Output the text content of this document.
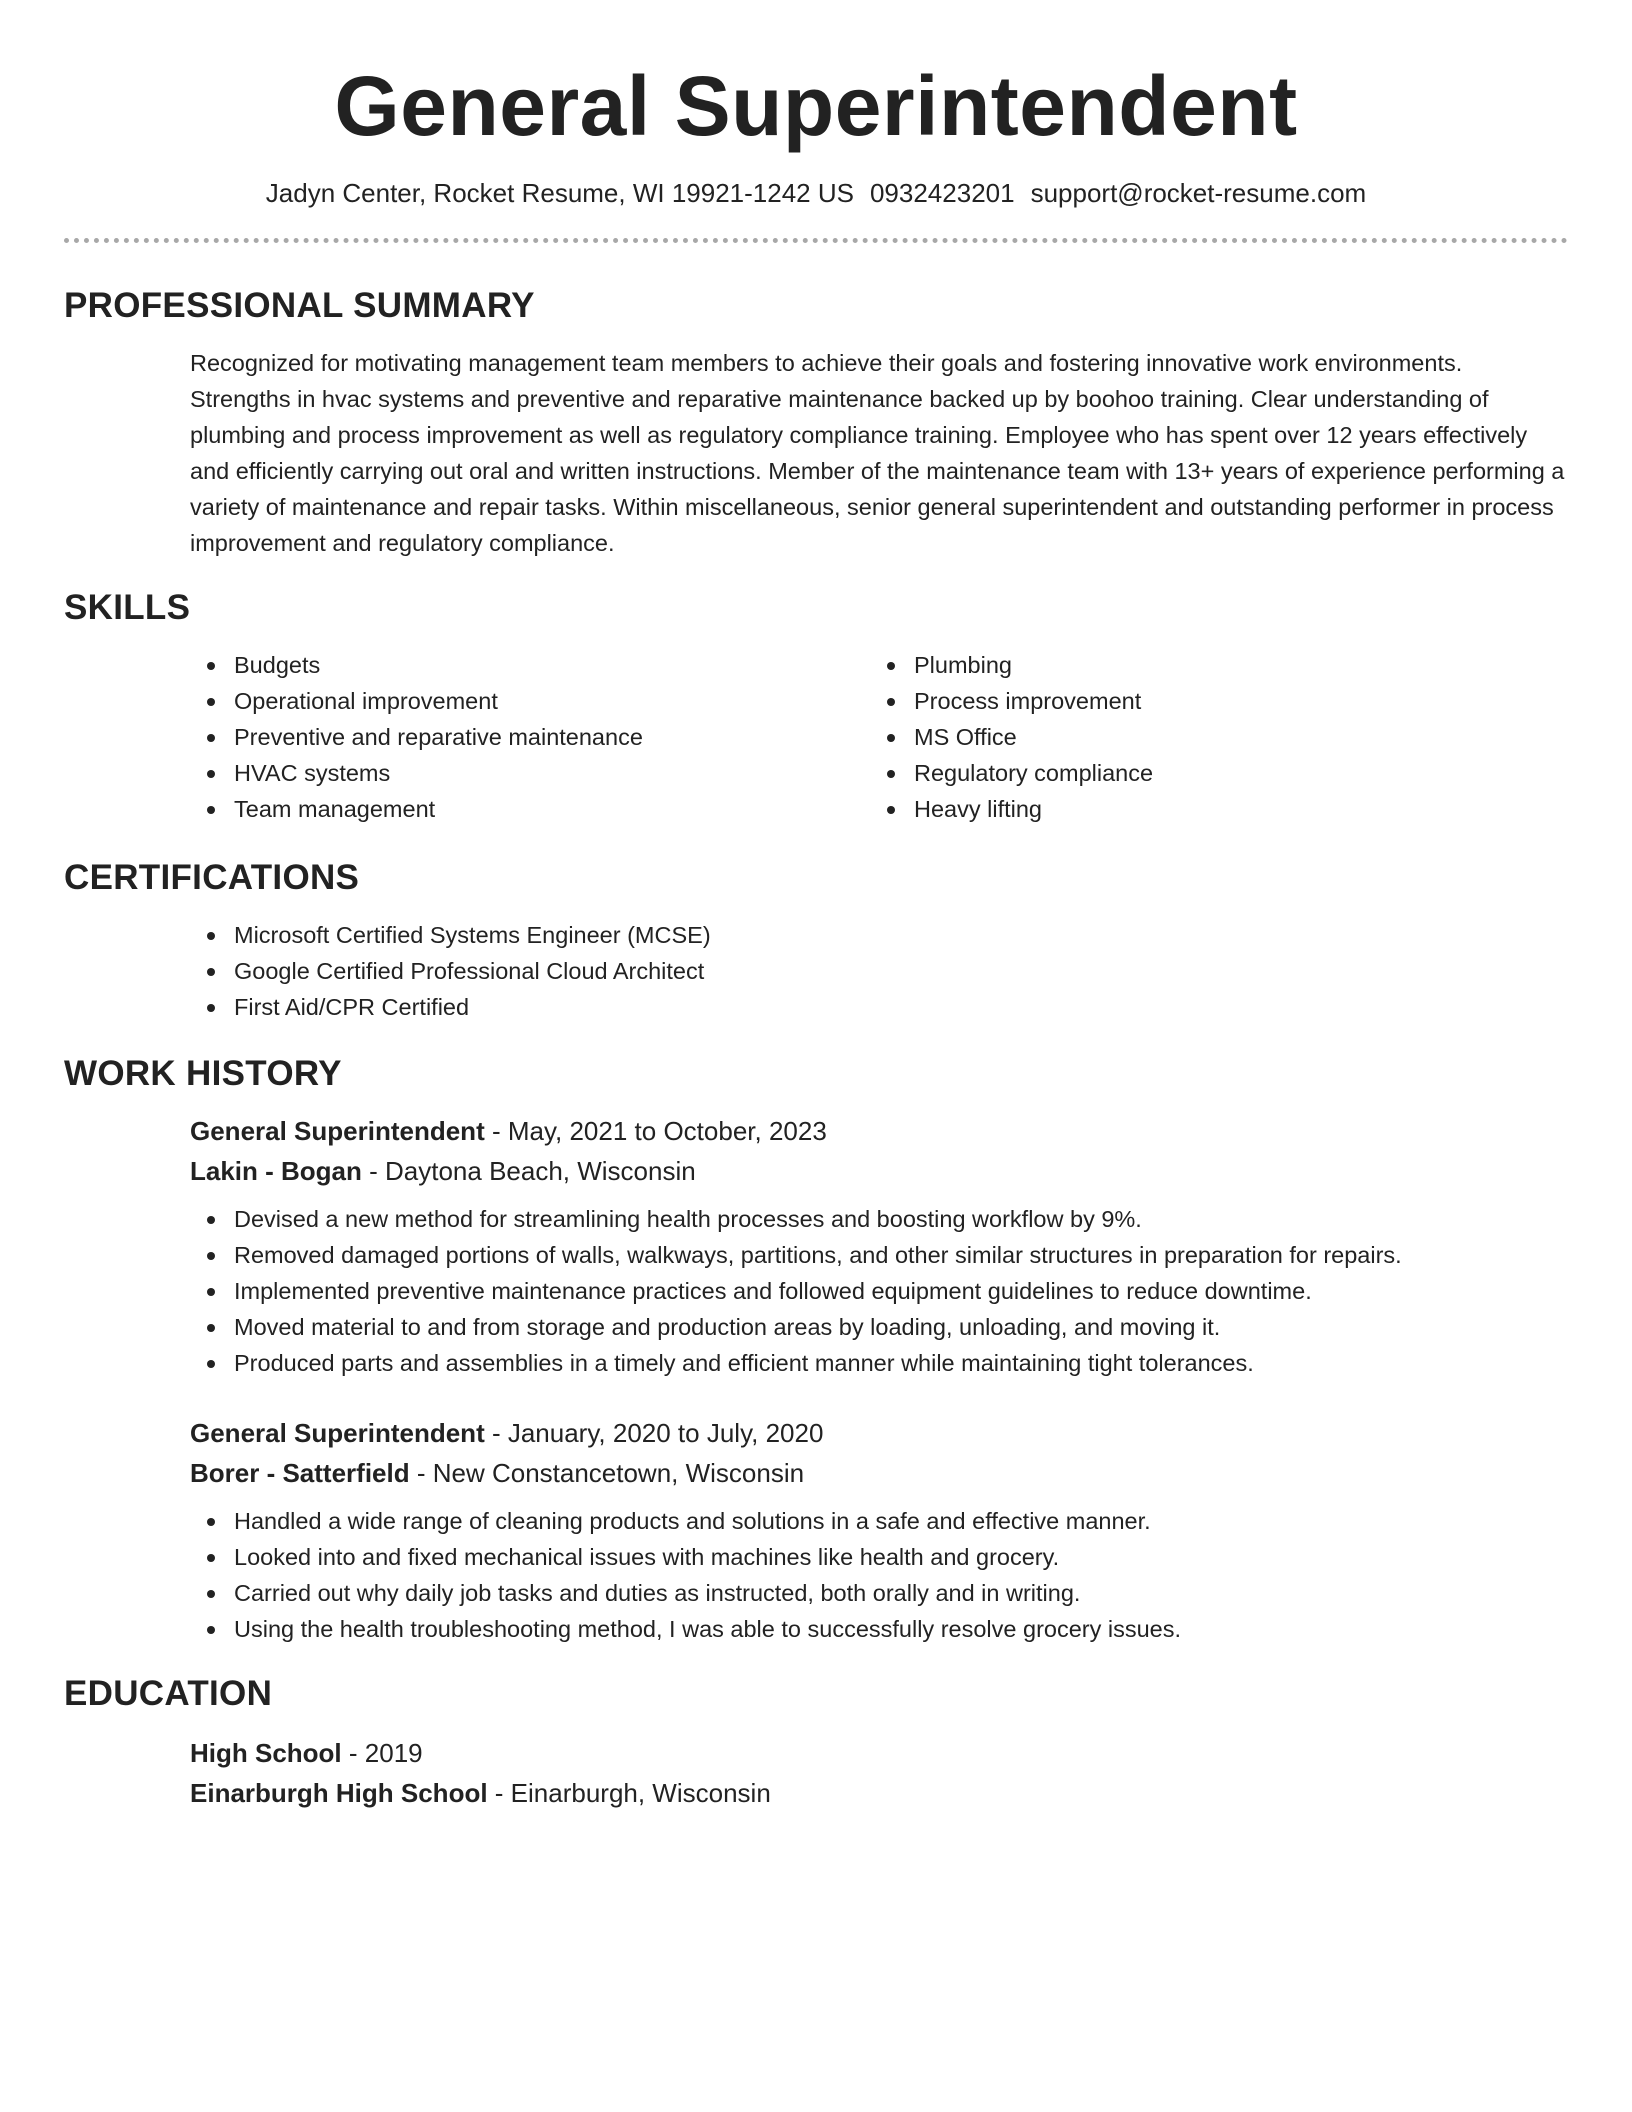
General Superintendent
Jadyn Center, Rocket Resume, WI 19921-1242 US 0932423201 support@rocket-resume.com
PROFESSIONAL SUMMARY

Recognized for motivating management team members to achieve their goals and fostering innovative work environments. Strengths in hvac systems and preventive and reparative maintenance backed up by boohoo training. Clear understanding of plumbing and process improvement as well as regulatory compliance training. Employee who has spent over 12 years effectively and efficiently carrying out oral and written instructions. Member of the maintenance team with 13+ years of experience performing a variety of maintenance and repair tasks. Within miscellaneous, senior general superintendent and outstanding performer in process improvement and regulatory compliance.

SKILLS
Budgets
Operational improvement
Preventive and reparative maintenance
HVAC systems
Team management
Plumbing
Process improvement
MS Office
Regulatory compliance
Heavy lifting
CERTIFICATIONS
Microsoft Certified Systems Engineer (MCSE)
Google Certified Professional Cloud Architect
First Aid/CPR Certified
WORK HISTORY
General Superintendent - May, 2021 to October, 2023
Lakin - Bogan - Daytona Beach, Wisconsin
Devised a new method for streamlining health processes and boosting workflow by 9%.
Removed damaged portions of walls, walkways, partitions, and other similar structures in preparation for repairs.
Implemented preventive maintenance practices and followed equipment guidelines to reduce downtime.
Moved material to and from storage and production areas by loading, unloading, and moving it.
Produced parts and assemblies in a timely and efficient manner while maintaining tight tolerances.
General Superintendent - January, 2020 to July, 2020
Borer - Satterfield - New Constancetown, Wisconsin
Handled a wide range of cleaning products and solutions in a safe and effective manner.
Looked into and fixed mechanical issues with machines like health and grocery.
Carried out why daily job tasks and duties as instructed, both orally and in writing.
Using the health troubleshooting method, I was able to successfully resolve grocery issues.
EDUCATION
High School - 2019
Einarburgh High School - Einarburgh, Wisconsin
